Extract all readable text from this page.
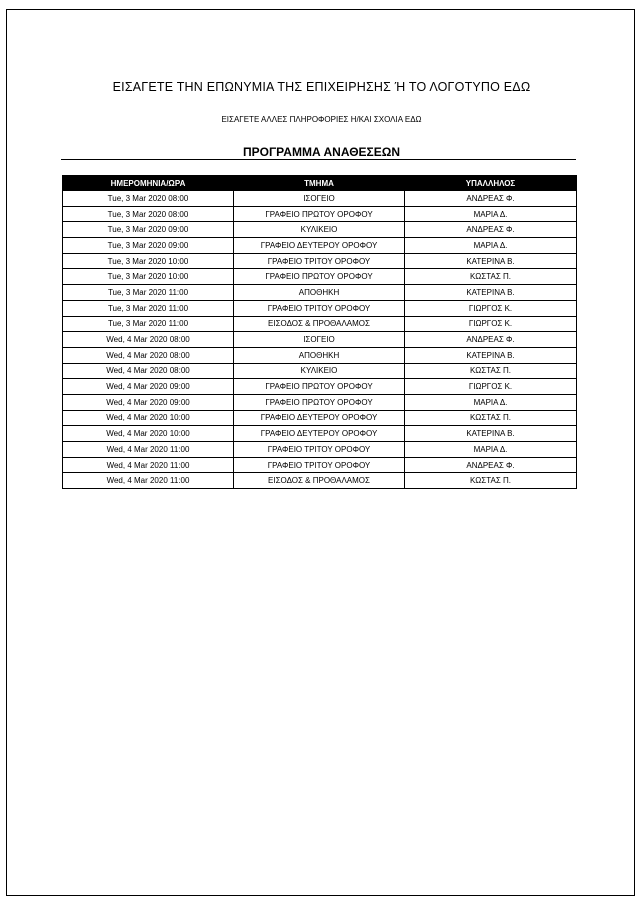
ΕΙΣΑΓΕΤΕ ΤΗΝ ΕΠΩΝΥΜΙΑ ΤΗΣ ΕΠΙΧΕΙΡΗΣΗΣ Ή ΤΟ ΛΟΓΟΤΥΠΟ ΕΔΩ
ΕΙΣΑΓΕΤΕ ΑΛΛΕΣ ΠΛΗΡΟΦΟΡΙΕΣ Η/ΚΑΙ ΣΧΟΛΙΑ ΕΔΩ
ΠΡΟΓΡΑΜΜΑ ΑΝΑΘΕΣΕΩΝ
ΗΜΕΡΟΜΗΝΙΑ/ΩΡΑ	ΤΜΗΜΑ	ΥΠΑΛΛΗΛΟΣ
Tue, 3 Mar 2020 08:00	ΙΣΟΓΕΙΟ	ΑΝΔΡΕΑΣ Φ.
Tue, 3 Mar 2020 08:00	ΓΡΑΦΕΙΟ ΠΡΩΤΟΥ ΟΡΟΦΟΥ	ΜΑΡΙΑ Δ.
Tue, 3 Mar 2020 09:00	ΚΥΛΙΚΕΙΟ	ΑΝΔΡΕΑΣ Φ.
Tue, 3 Mar 2020 09:00	ΓΡΑΦΕΙΟ ΔΕΥΤΕΡΟΥ ΟΡΟΦΟΥ	ΜΑΡΙΑ Δ.
Tue, 3 Mar 2020 10:00	ΓΡΑΦΕΙΟ ΤΡΙΤΟΥ ΟΡΟΦΟΥ	ΚΑΤΕΡΙΝΑ Β.
Tue, 3 Mar 2020 10:00	ΓΡΑΦΕΙΟ ΠΡΩΤΟΥ ΟΡΟΦΟΥ	ΚΩΣΤΑΣ Π.
Tue, 3 Mar 2020 11:00	ΑΠΟΘΗΚΗ	ΚΑΤΕΡΙΝΑ Β.
Tue, 3 Mar 2020 11:00	ΓΡΑΦΕΙΟ ΤΡΙΤΟΥ ΟΡΟΦΟΥ	ΓΙΩΡΓΟΣ Κ.
Tue, 3 Mar 2020 11:00	ΕΙΣΟΔΟΣ & ΠΡΟΘΑΛΑΜΟΣ	ΓΙΩΡΓΟΣ Κ.
Wed, 4 Mar 2020 08:00	ΙΣΟΓΕΙΟ	ΑΝΔΡΕΑΣ Φ.
Wed, 4 Mar 2020 08:00	ΑΠΟΘΗΚΗ	ΚΑΤΕΡΙΝΑ Β.
Wed, 4 Mar 2020 08:00	ΚΥΛΙΚΕΙΟ	ΚΩΣΤΑΣ Π.
Wed, 4 Mar 2020 09:00	ΓΡΑΦΕΙΟ ΠΡΩΤΟΥ ΟΡΟΦΟΥ	ΓΙΩΡΓΟΣ Κ.
Wed, 4 Mar 2020 09:00	ΓΡΑΦΕΙΟ ΠΡΩΤΟΥ ΟΡΟΦΟΥ	ΜΑΡΙΑ Δ.
Wed, 4 Mar 2020 10:00	ΓΡΑΦΕΙΟ ΔΕΥΤΕΡΟΥ ΟΡΟΦΟΥ	ΚΩΣΤΑΣ Π.
Wed, 4 Mar 2020 10:00	ΓΡΑΦΕΙΟ ΔΕΥΤΕΡΟΥ ΟΡΟΦΟΥ	ΚΑΤΕΡΙΝΑ Β.
Wed, 4 Mar 2020 11:00	ΓΡΑΦΕΙΟ ΤΡΙΤΟΥ ΟΡΟΦΟΥ	ΜΑΡΙΑ Δ.
Wed, 4 Mar 2020 11:00	ΓΡΑΦΕΙΟ ΤΡΙΤΟΥ ΟΡΟΦΟΥ	ΑΝΔΡΕΑΣ Φ.
Wed, 4 Mar 2020 11:00	ΕΙΣΟΔΟΣ & ΠΡΟΘΑΛΑΜΟΣ	ΚΩΣΤΑΣ Π.
